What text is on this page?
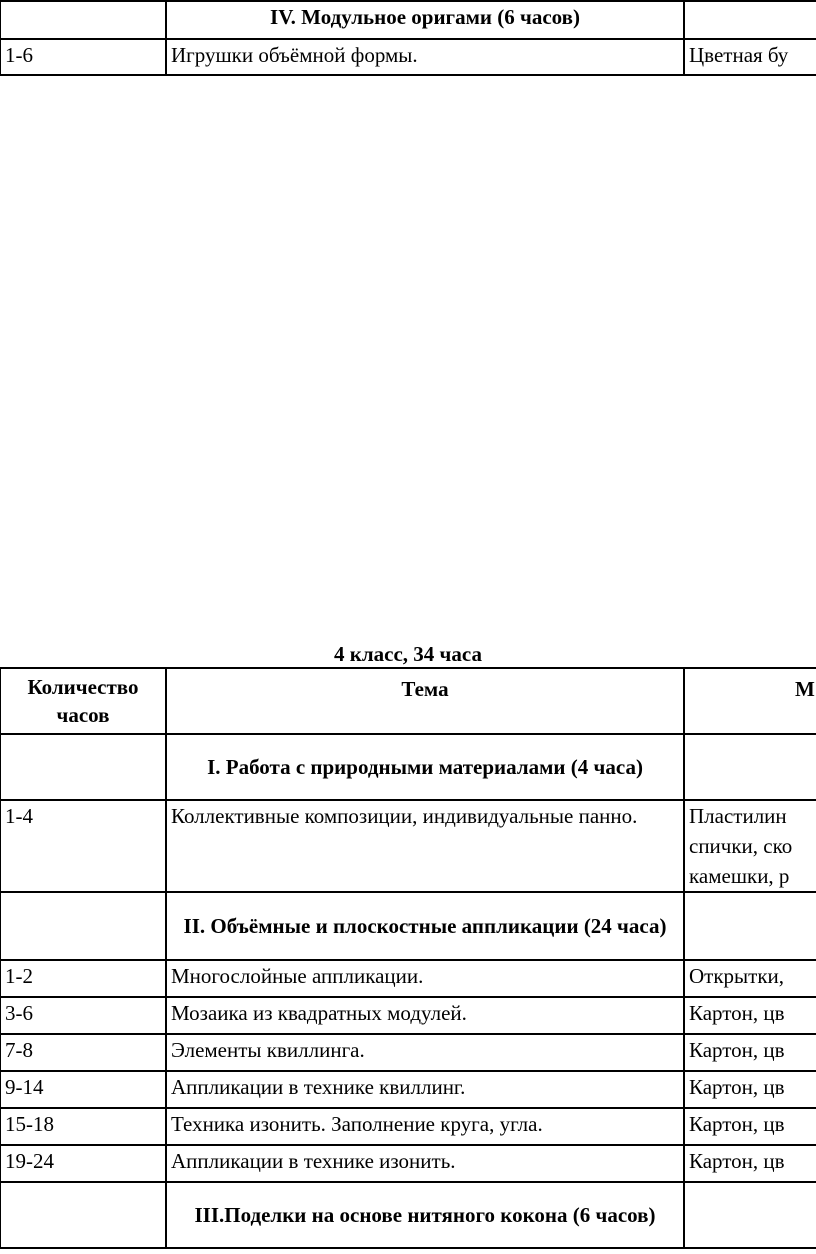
	IV. Модульное оригами (6 часов)	
1-6	Игрушки объёмной формы.	Цветная бу
4 класс, 34 часа
Количество часов	Тема	М
	I. Работа с природными материалами (4 часа)	
1-4	Коллективные композиции, индивидуальные панно.	Пластилин спички, ско камешки, р
	II. Объёмные и плоскостные аппликации (24 часа)	
1-2	Многослойные аппликации.	Открытки,
3-6	Мозаика из квадратных модулей.	Картон, цв
7-8	Элементы квиллинга.	Картон, цв
9-14	Аппликации в технике квиллинг.	Картон, цв
15-18	Техника изонить. Заполнение круга, угла.	Картон, цв
19-24	Аппликации в технике изонить.	Картон, цв
	III.Поделки на основе нитяного кокона (6 часов)	
